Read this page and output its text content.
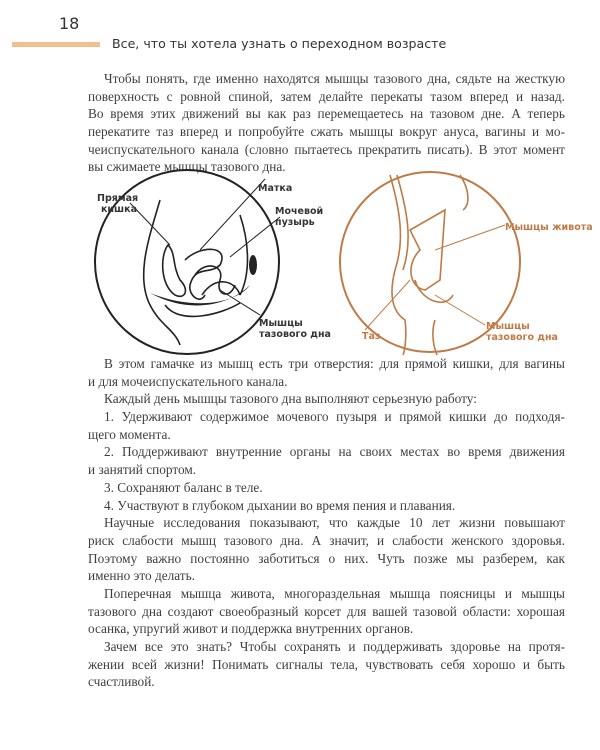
18
Все, что ты хотела узнать о переходном возрасте
Чтобы понять, где именно находятся мышцы тазового дна, сядьте на жесткую
поверхность с ровной спиной, затем делайте перекаты тазом вперед и назад.
Во время этих движений вы как раз перемещаетесь на тазовом дне. А теперь
перекатите таз вперед и попробуйте сжать мышцы вокруг ануса, вагины и мо-
чеиспускательного канала (словно пытаетесь прекратить писать). В этот момент
вы сжимаете мышцы тазового дна.
Прямая кишка
Матка
Мочевой пузырь
Мышцы тазового дна
Мышцы живота
Таз
Мышцы тазового дна
В этом гамачке из мышц есть три отверстия: для прямой кишки, для вагины
и для мочеиспускательного канала.
Каждый день мышцы тазового дна выполняют серьезную работу:
1. Удерживают содержимое мочевого пузыря и прямой кишки до подходя-
щего момента.
2. Поддерживают внутренние органы на своих местах во время движения
и занятий спортом.
3. Сохраняют баланс в теле.
4. Участвуют в глубоком дыхании во время пения и плавания.
Научные исследования показывают, что каждые 10 лет жизни повышают
риск слабости мышц тазового дна. А значит, и слабости женского здоровья.
Поэтому важно постоянно заботиться о них. Чуть позже мы разберем, как
именно это делать.
Поперечная мышца живота, многораздельная мышца поясницы и мышцы
тазового дна создают своеобразный корсет для вашей тазовой области: хорошая
осанка, упругий живот и поддержка внутренних органов.
Зачем все это знать? Чтобы сохранять и поддерживать здоровье на протя-
жении всей жизни! Понимать сигналы тела, чувствовать себя хорошо и быть
счастливой.
